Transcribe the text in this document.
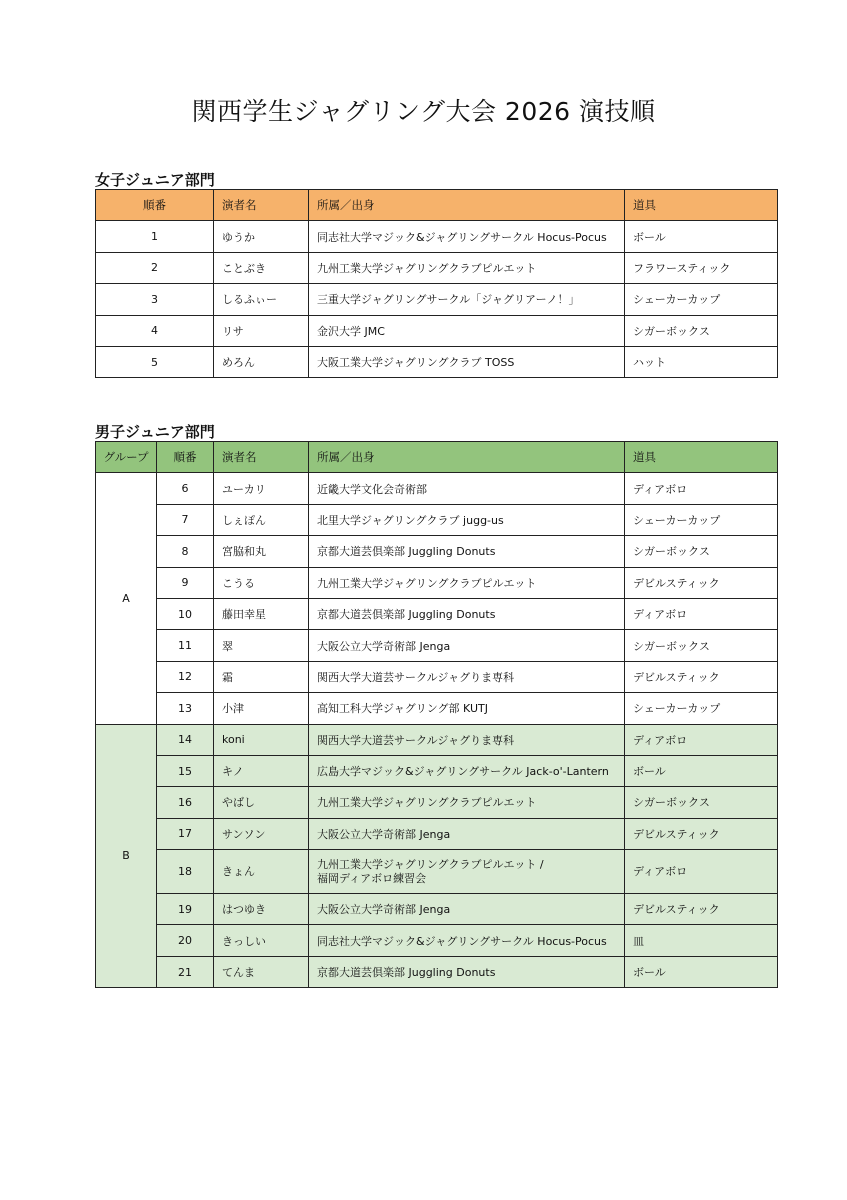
関西学生ジャグリング大会 2026 演技順
女子ジュニア部門
順番	演者名	所属／出身	道具
1	ゆうか	同志社大学マジック&ジャグリングサークル Hocus-Pocus	ボール
2	ことぶき	九州工業大学ジャグリングクラブピルエット	フラワースティック
3	しるふぃー	三重大学ジャグリングサークル「ジャグリアーノ！」	シェーカーカップ
4	リサ	金沢大学 JMC	シガーボックス
5	めろん	大阪工業大学ジャグリングクラブ TOSS	ハット
男子ジュニア部門
グループ	順番	演者名	所属／出身	道具
A	6	ユーカリ	近畿大学文化会奇術部	ディアボロ
	7	しぇぽん	北里大学ジャグリングクラブ jugg-us	シェーカーカップ
	8	宮脇和丸	京都大道芸倶楽部 Juggling Donuts	シガーボックス
	9	こうる	九州工業大学ジャグリングクラブピルエット	デビルスティック
	10	藤田幸星	京都大道芸倶楽部 Juggling Donuts	ディアボロ
	11	翠	大阪公立大学奇術部 Jenga	シガーボックス
	12	霜	関西大学大道芸サークルジャグりま専科	デビルスティック
	13	小津	高知工科大学ジャグリング部 KUTJ	シェーカーカップ
B	14	koni	関西大学大道芸サークルジャグりま専科	ディアボロ
	15	キノ	広島大学マジック&ジャグリングサークル Jack-o'-Lantern	ボール
	16	やばし	九州工業大学ジャグリングクラブピルエット	シガーボックス
	17	サンソン	大阪公立大学奇術部 Jenga	デビルスティック
	18	きょん	九州工業大学ジャグリングクラブピルエット /
福岡ディアボロ練習会	ディアボロ
	19	はつゆき	大阪公立大学奇術部 Jenga	デビルスティック
	20	きっしい	同志社大学マジック&ジャグリングサークル Hocus-Pocus	皿
	21	てんま	京都大道芸倶楽部 Juggling Donuts	ボール
